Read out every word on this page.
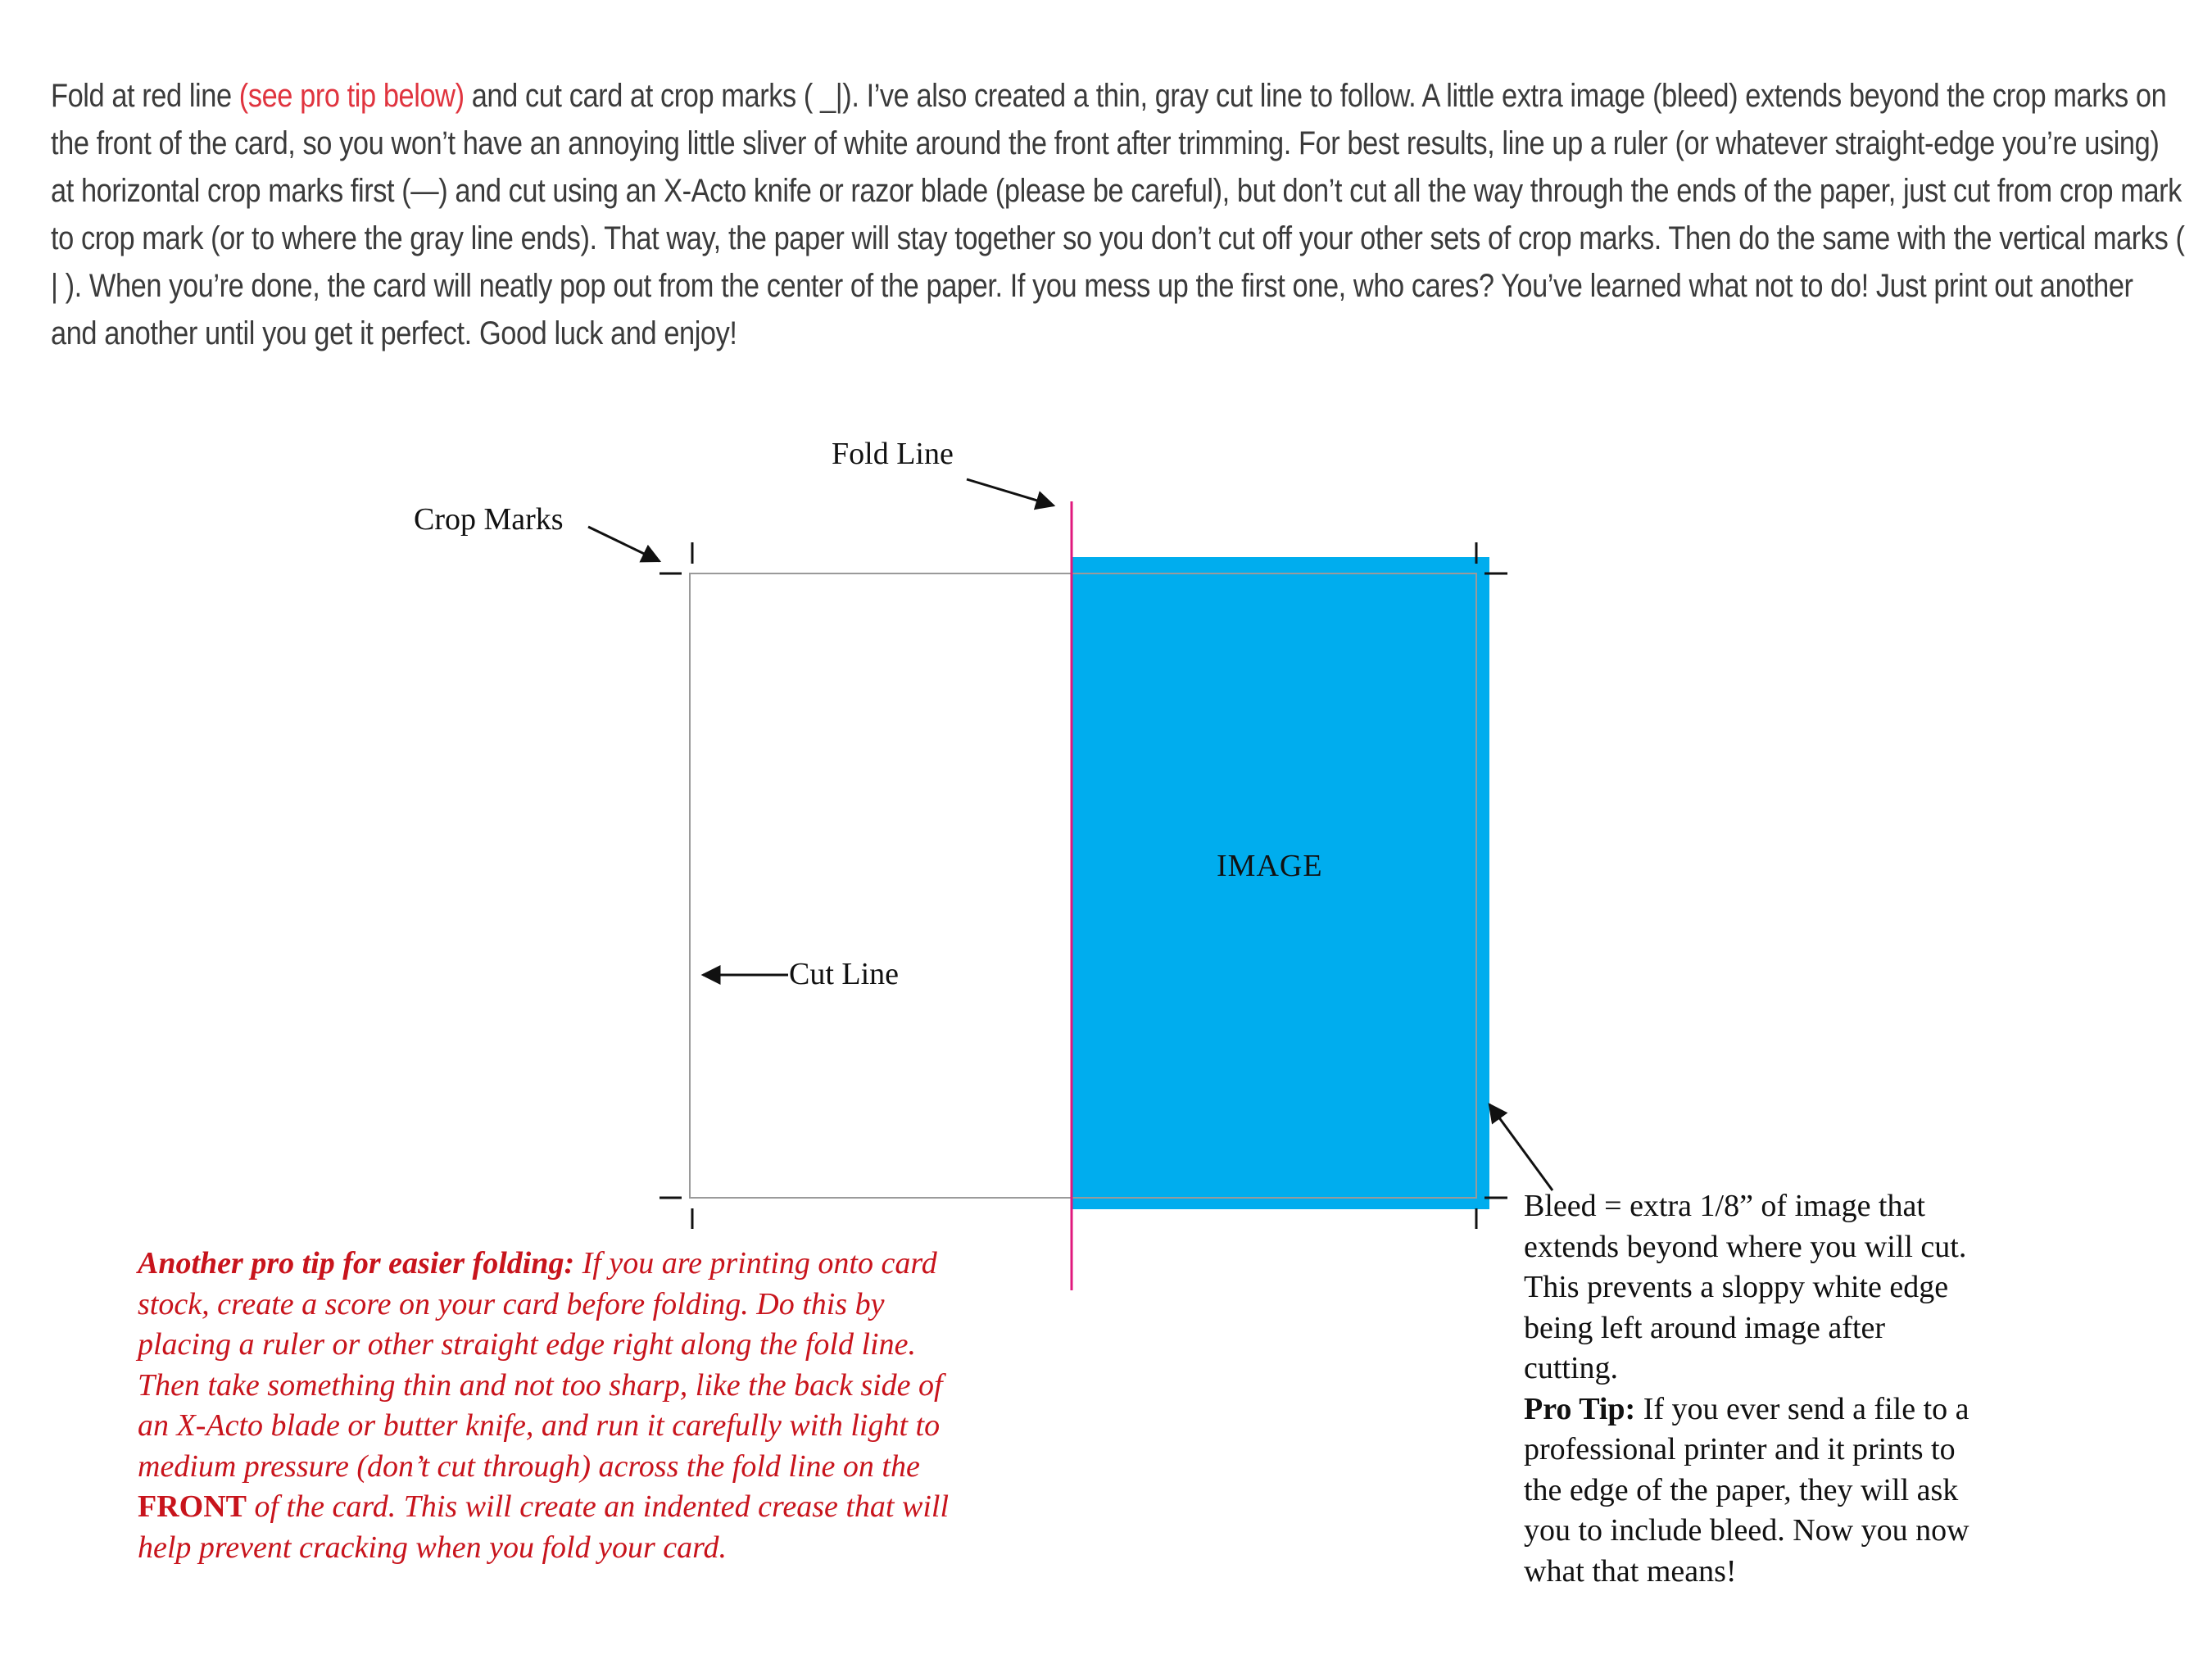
Fold at red line (see pro tip below) and cut card at crop marks ( _|). I’ve also created a thin, gray cut line to follow. A little extra image (bleed) extends beyond the crop marks on the front of the card, so you won’t have an annoying little sliver of white around the front after trimming. For best results, line up a ruler (or whatever straight-edge you’re using) at horizontal crop marks first (—) and cut using an X-Acto knife or razor blade (please be careful), but don’t cut all the way through the ends of the paper, just cut from crop mark to crop mark (or to where the gray line ends). That way, the paper will stay together so you don’t cut off your other sets of crop marks. Then do the same with the vertical marks ( | ). When you’re done, the card will neatly pop out from the center of the paper. If you mess up the first one, who cares? You’ve learned what not to do! Just print out another and another until you get it perfect. Good luck and enjoy!
Fold Line
Crop Marks
Cut Line
IMAGE
Another pro tip for easier folding: If you are printing onto card stock, create a score on your card before folding. Do this by placing a ruler or other straight edge right along the fold line. Then take something thin and not too sharp, like the back side of an X-Acto blade or butter knife, and run it carefully with light to medium pressure (don’t cut through) across the fold line on the FRONT of the card. This will create an indented crease that will help prevent cracking when you fold your card.
Bleed = extra 1/8” of image that extends beyond where you will cut. This prevents a sloppy white edge being left around image after cutting.
Pro Tip: If you ever send a file to a professional printer and it prints to the edge of the paper, they will ask you to include bleed. Now you now what that means!
